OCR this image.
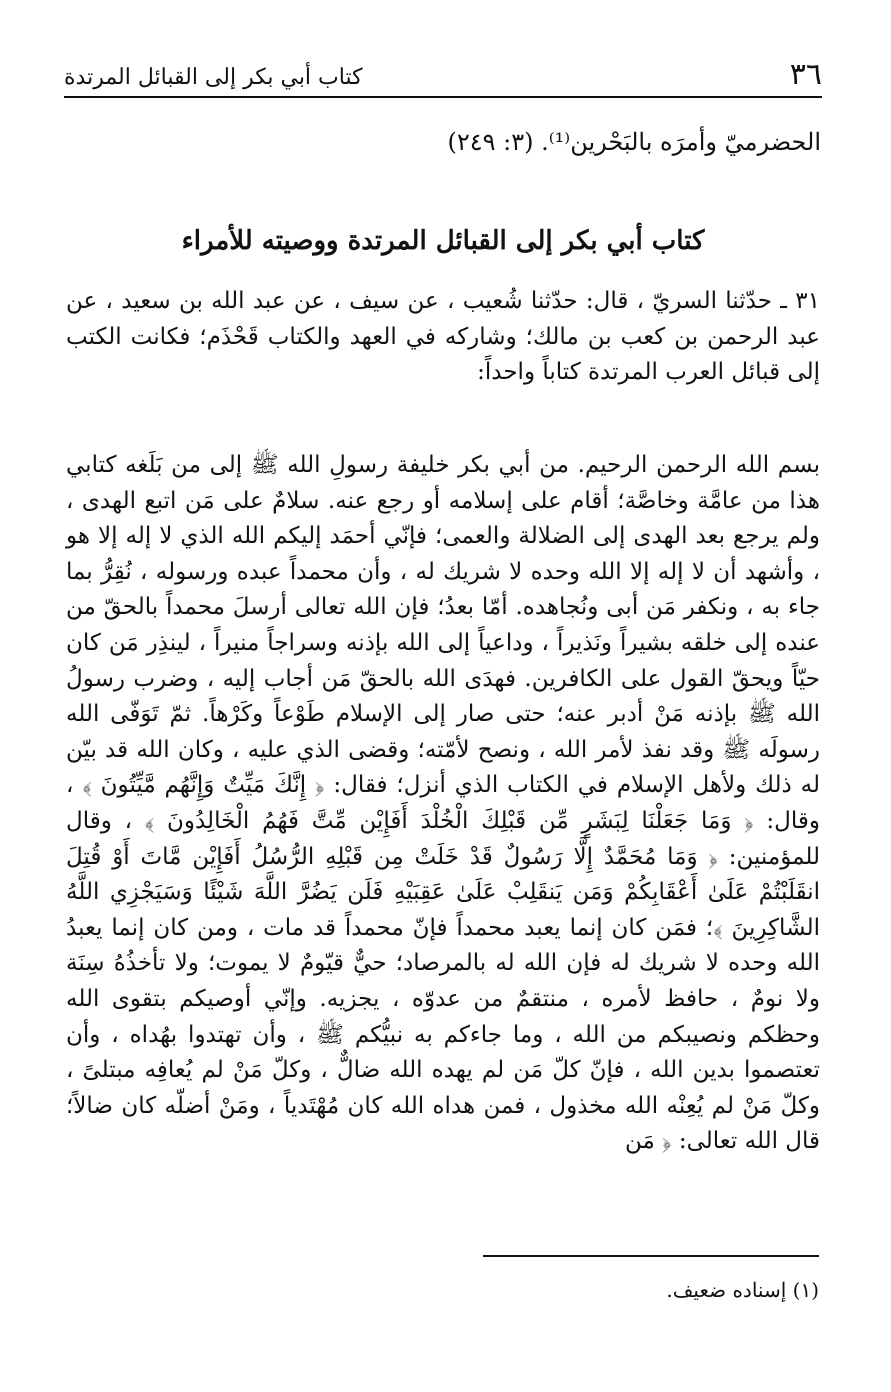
٣٦
كتاب أبي بكر إلى القبائل المرتدة
الحضرميّ وأمرَه بالبَحْرين⁽¹⁾. (٣: ٢٤٩)
كتاب أبي بكر إلى القبائل المرتدة ووصيته للأمراء
٣١ ـ حدّثنا السريّ ، قال: حدّثنا شُعيب ، عن سيف ، عن عبد الله بن سعيد ، عن عبد الرحمن بن كعب بن مالك؛ وشاركه في العهد والكتاب قَحْذَم؛ فكانت الكتب إلى قبائل العرب المرتدة كتاباً واحداً:
بسم الله الرحمن الرحيم. من أبي بكر خليفة رسولِ الله ﷺ إلى من بَلَغه كتابي هذا من عامَّة وخاصَّة؛ أقام على إسلامه أو رجع عنه. سلامٌ على مَن اتبع الهدى ، ولم يرجع بعد الهدى إلى الضلالة والعمى؛ فإنّي أحمَد إليكم الله الذي لا إله إلا هو ، وأشهد أن لا إله إلا الله وحده لا شريك له ، وأن محمداً عبده ورسوله ، نُقِرُّ بما جاء به ، ونكفر مَن أبى ونُجاهده. أمّا بعدُ؛ فإن الله تعالى أرسلَ محمداً بالحقّ من عنده إلى خلقه بشيراً ونَذيراً ، وداعياً إلى الله بإذنه وسراجاً منيراً ، لينذِر مَن كان حيّاً ويحقّ القول على الكافرين. فهدَى الله بالحقّ مَن أجاب إليه ، وضرب رسولُ الله ﷺ بإذنه مَنْ أدبر عنه؛ حتى صار إلى الإسلام طَوْعاً وكَرْهاً. ثمّ تَوَفّى الله رسولَه ﷺ وقد نفذ لأمر الله ، ونصح لأمّته؛ وقضى الذي عليه ، وكان الله قد بيّن له ذلك ولأهل الإسلام في الكتاب الذي أنزل؛ فقال: ﴿ إِنَّكَ مَيِّتٌ وَإِنَّهُم مَّيِّتُونَ ﴾ ، وقال: ﴿ وَمَا جَعَلْنَا لِبَشَرٍ مِّن قَبْلِكَ الْخُلْدَ أَفَإِيْن مِّتَّ فَهُمُ الْخَالِدُونَ ﴾ ، وقال للمؤمنين: ﴿ وَمَا مُحَمَّدٌ إِلَّا رَسُولٌ قَدْ خَلَتْ مِن قَبْلِهِ الرُّسُلُ أَفَإِيْن مَّاتَ أَوْ قُتِلَ انقَلَبْتُمْ عَلَىٰ أَعْقَابِكُمْ وَمَن يَنقَلِبْ عَلَىٰ عَقِبَيْهِ فَلَن يَضُرَّ اللَّهَ شَيْئًا وَسَيَجْزِي اللَّهُ الشَّاكِرِينَ ﴾؛ فمَن كان إنما يعبد محمداً فإنّ محمداً قد مات ، ومن كان إنما يعبدُ الله وحده لا شريك له فإن الله له بالمرصاد؛ حيٌّ قيّومٌ لا يموت؛ ولا تأخذُهُ سِنَة ولا نومٌ ، حافظ لأمره ، منتقمٌ من عدوّه ، يجزيه. وإنّي أوصيكم بتقوى الله وحظكم ونصيبكم من الله ، وما جاءكم به نبيُّكم ﷺ ، وأن تهتدوا بهُداه ، وأن تعتصموا بدين الله ، فإنّ كلّ مَن لم يهده الله ضالٌّ ، وكلّ مَنْ لم يُعافِه مبتلىً ، وكلّ مَنْ لم يُعِنْه الله مخذول ، فمن هداه الله كان مُهْتَدياً ، ومَنْ أضلّه كان ضالاً؛ قال الله تعالى: ﴿ مَن
(١) إسناده ضعيف.
